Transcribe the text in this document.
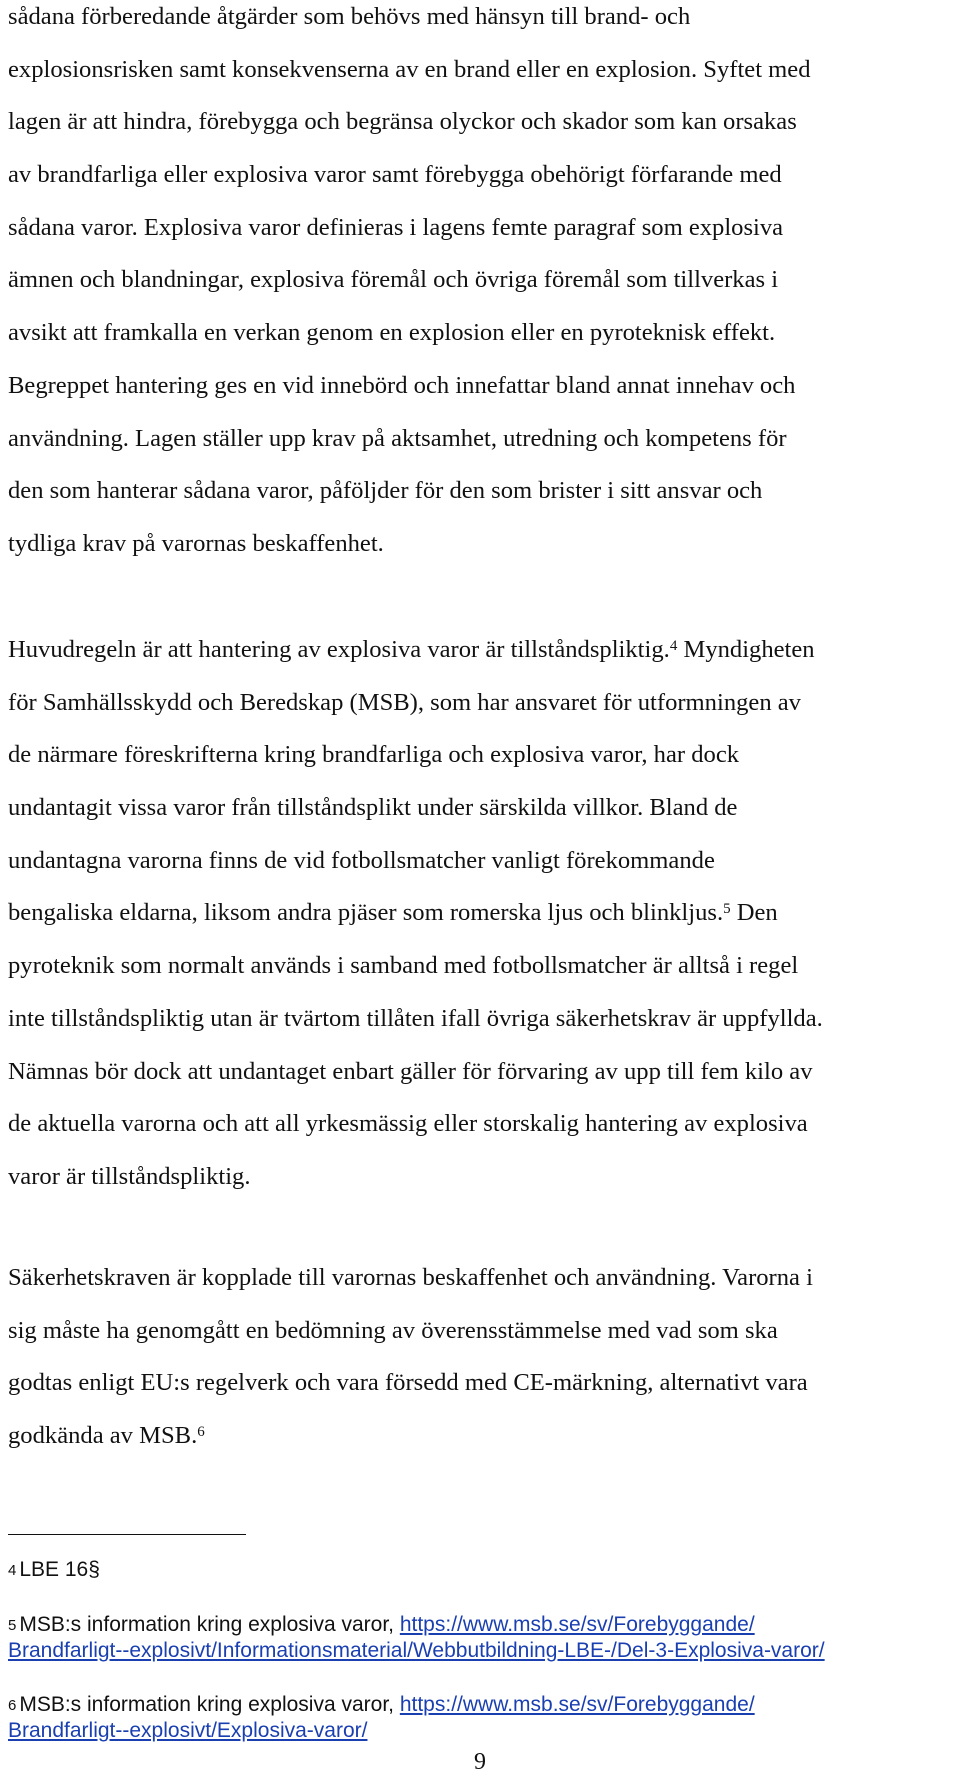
sådana förberedande åtgärder som behövs med hänsyn till brand- och
explosionsrisken samt konsekvenserna av en brand eller en explosion. Syftet med
lagen är att hindra, förebygga och begränsa olyckor och skador som kan orsakas
av brandfarliga eller explosiva varor samt förebygga obehörigt förfarande med
sådana varor. Explosiva varor definieras i lagens femte paragraf som explosiva
ämnen och blandningar, explosiva föremål och övriga föremål som tillverkas i
avsikt att framkalla en verkan genom en explosion eller en pyroteknisk effekt.
Begreppet hantering ges en vid innebörd och innefattar bland annat innehav och
användning. Lagen ställer upp krav på aktsamhet, utredning och kompetens för
den som hanterar sådana varor, påföljder för den som brister i sitt ansvar och
tydliga krav på varornas beskaffenhet.
Huvudregeln är att hantering av explosiva varor är tillståndspliktig.$^4$ Myndigheten
för Samhällsskydd och Beredskap (MSB), som har ansvaret för utformningen av
de närmare föreskrifterna kring brandfarliga och explosiva varor, har dock
undantagit vissa varor från tillståndsplikt under särskilda villkor. Bland de
undantagna varorna finns de vid fotbollsmatcher vanligt förekommande
bengaliska eldarna, liksom andra pjäser som romerska ljus och blinkljus.$^5$ Den
pyroteknik som normalt används i samband med fotbollsmatcher är alltså i regel
inte tillståndspliktig utan är tvärtom tillåten ifall övriga säkerhetskrav är uppfyllda.
Nämnas bör dock att undantaget enbart gäller för förvaring av upp till fem kilo av
de aktuella varorna och att all yrkesmässig eller storskalig hantering av explosiva
varor är tillståndspliktig.
Säkerhetskraven är kopplade till varornas beskaffenhet och användning. Varorna i
sig måste ha genomgått en bedömning av överensstämmelse med vad som ska
godtas enligt EU:s regelverk och vara försedd med CE-märkning, alternativt vara
godkända av MSB.$^6$
$^4$ LBE 16§
$^5$ MSB:s information kring explosiva varor, https://www.msb.se/sv/Forebyggande/
Brandfarligt--explosivt/Informationsmaterial/Webbutbildning-LBE-/Del-3-Explosiva-varor/
$^6$ MSB:s information kring explosiva varor, https://www.msb.se/sv/Forebyggande/
Brandfarligt--explosivt/Explosiva-varor/
9
